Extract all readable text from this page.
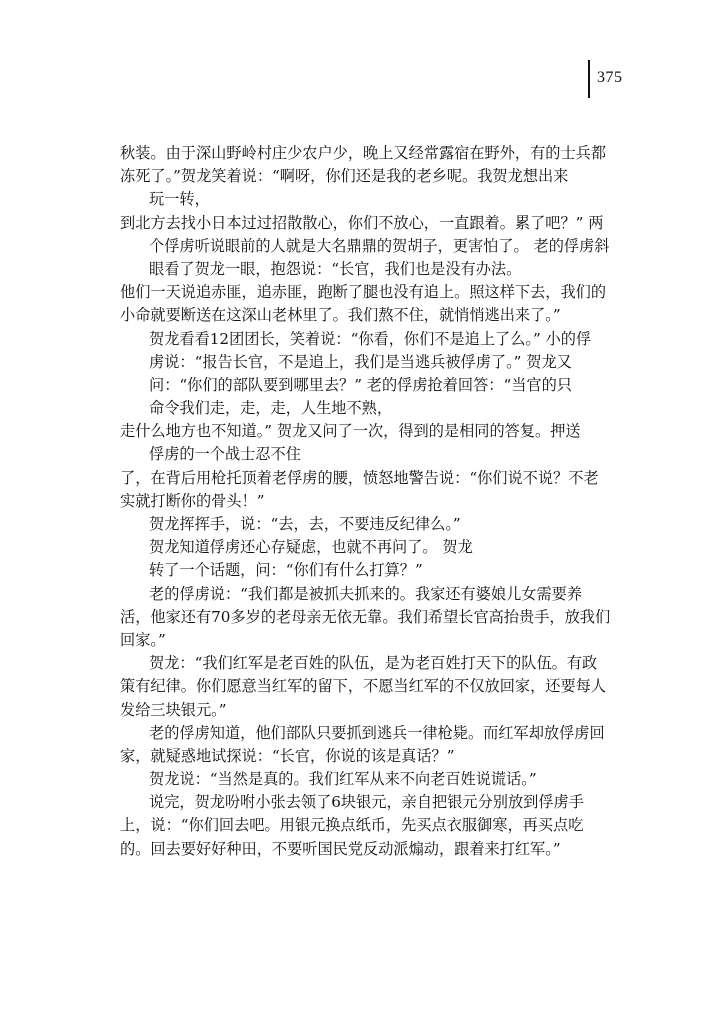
375
秋装。由于深山野岭村庄少农户少，晚上又经常露宿在野外，有的士兵都
冻死了。”贺龙笑着说：“啊呀，你们还是我的老乡呢。我贺龙想出来
玩一转，
到北方去找小日本过过招散散心，你们不放心，一直跟着。累了吧？” 两
个俘虏听说眼前的人就是大名鼎鼎的贺胡子，更害怕了。 老的俘虏斜
眼看了贺龙一眼，抱怨说：“长官，我们也是没有办法。
他们一天说追赤匪，追赤匪，跑断了腿也没有追上。照这样下去，我们的
小命就要断送在这深山老林里了。我们熬不住，就悄悄逃出来了。”
贺龙看看12团团长，笑着说：“你看，你们不是追上了么。” 小的俘
虏说：“报告长官，不是追上，我们是当逃兵被俘虏了。” 贺龙又
问：“你们的部队要到哪里去？” 老的俘虏抢着回答：“当官的只
命令我们走，走，走，人生地不熟，
走什么地方也不知道。” 贺龙又问了一次，得到的是相同的答复。押送
俘虏的一个战士忍不住
了，在背后用枪托顶着老俘虏的腰，愤怒地警告说：“你们说不说？不老
实就打断你的骨头！”
贺龙挥挥手，说：“去，去，不要违反纪律么。”
贺龙知道俘虏还心存疑虑，也就不再问了。 贺龙
转了一个话题，问：“你们有什么打算？”
老的俘虏说：“我们都是被抓夫抓来的。我家还有婆娘儿女需要养
活，他家还有70多岁的老母亲无依无靠。我们希望长官高抬贵手，放我们
回家。”
贺龙：“我们红军是老百姓的队伍，是为老百姓打天下的队伍。有政
策有纪律。你们愿意当红军的留下，不愿当红军的不仅放回家，还要每人
发给三块银元。”
老的俘虏知道，他们部队只要抓到逃兵一律枪毙。而红军却放俘虏回
家，就疑惑地试探说：“长官，你说的该是真话？”
贺龙说：“当然是真的。我们红军从来不向老百姓说谎话。”
说完，贺龙吩咐小张去领了6块银元，亲自把银元分别放到俘虏手
上，说：“你们回去吧。用银元换点纸币，先买点衣服御寒，再买点吃
的。回去要好好种田，不要听国民党反动派煽动，跟着来打红军。”
